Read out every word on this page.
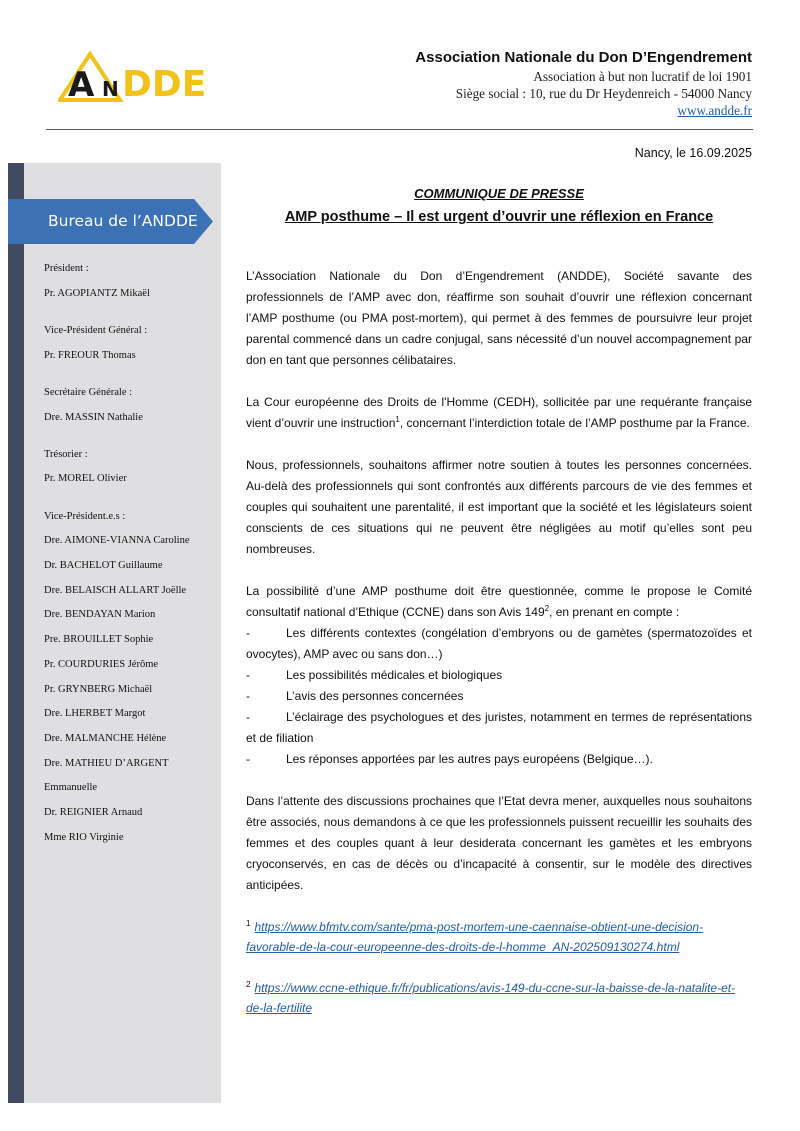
A N DDE
Association Nationale du Don D’Engendrement
Association à but non lucratif de loi 1901
Siège social : 10, rue du Dr Heydenreich - 54000 Nancy
www.andde.fr
Nancy, le 16.09.2025
Bureau de l’ANDDE
Président :
Pr. AGOPIANTZ Mikaël
Vice-Président Général :
Pr. FREOUR Thomas
Secrétaire Générale :
Dre. MASSIN Nathalie
Trésorier :
Pr. MOREL Olivier
Vice-Président.e.s :
Dre. AIMONE-VIANNA Caroline
Dr. BACHELOT Guillaume
Dre. BELAISCH ALLART Joëlle
Dre. BENDAYAN Marion
Pre. BROUILLET Sophie
Pr. COURDURIES Jérôme
Pr. GRYNBERG Michaël
Dre. LHERBET Margot
Dre. MALMANCHE Hélène
Dre. MATHIEU D’ARGENT
Emmanuelle
Dr. REIGNIER Arnaud
Mme RIO Virginie
COMMUNIQUE DE PRESSE
AMP posthume – Il est urgent d’ouvrir une réflexion en France

L’Association Nationale du Don d’Engendrement (ANDDE), Société savante des professionnels de l’AMP avec don, réaffirme son souhait d’ouvrir une réflexion concernant l’AMP posthume (ou PMA post-mortem), qui permet à des femmes de poursuivre leur projet parental commencé dans un cadre conjugal, sans nécessité d’un nouvel accompagnement par don en tant que personnes célibataires.

La Cour européenne des Droits de l'Homme (CEDH), sollicitée par une requérante française vient d’ouvrir une instruction$^1$, concernant l’interdiction totale de l’AMP posthume par la France.

Nous, professionnels, souhaitons affirmer notre soutien à toutes les personnes concernées. Au-delà des professionnels qui sont confrontés aux différents parcours de vie des femmes et couples qui souhaitent une parentalité, il est important que la société et les législateurs soient conscients de ces situations qui ne peuvent être négligées au motif qu’elles sont peu nombreuses.

La possibilité d’une AMP posthume doit être questionnée, comme le propose le Comité consultatif national d’Ethique (CCNE) dans son Avis $149^2$, en prenant en compte :

-	Les différents contextes (congélation d’embryons ou de gamètes (spermatozoïdes et ovocytes), AMP avec ou sans don…)
-	Les possibilités médicales et biologiques
-	L’avis des personnes concernées
-	L’éclairage des psychologues et des juristes, notamment en termes de représentations et de filiation
-	Les réponses apportées par les autres pays européens (Belgique…).

Dans l’attente des discussions prochaines que l’Etat devra mener, auxquelles nous souhaitons être associés, nous demandons à ce que les professionnels puissent recueillir les souhaits des femmes et des couples quant à leur desiderata concernant les gamètes et les embryons cryoconservés, en cas de décès ou d’incapacité à consentir, sur le modèle des directives anticipées.

$^1$ https://www.bfmtv.com/sante/pma-post-mortem-une-caennaise-obtient-une-decision-favorable-de-la-cour-europeenne-des-droits-de-l-homme_AN-202509130274.html

$^2$ https://www.ccne-ethique.fr/fr/publications/avis-149-du-ccne-sur-la-baisse-de-la-natalite-et-de-la-fertilite
